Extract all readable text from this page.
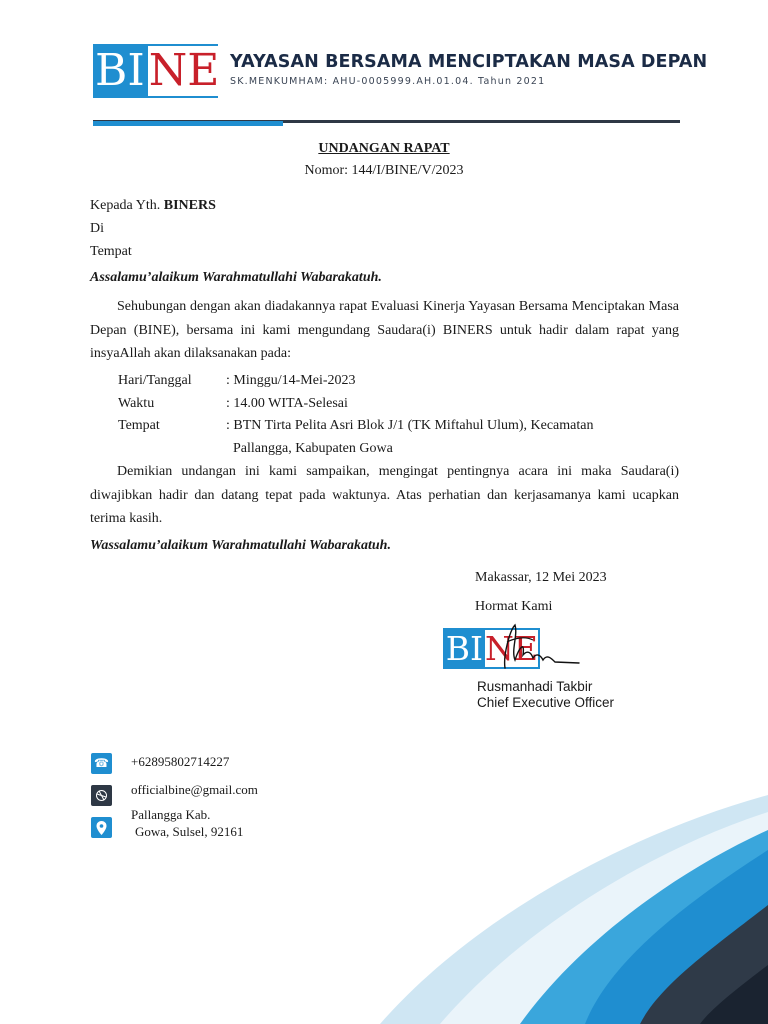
BI NE YAYASAN BERSAMA MENCIPTAKAN MASA DEPAN
SK.MENKUMHAM: AHU-0005999.AH.01.04. Tahun 2021
UNDANGAN RAPAT
Nomor: 144/I/BINE/V/2023
Kepada Yth. BINERS
Di
Tempat
Assalamu’alaikum Warahmatullahi Wabarakatuh.
Sehubungan dengan akan diadakannya rapat Evaluasi Kinerja Yayasan Bersama Menciptakan Masa Depan (BINE), bersama ini kami mengundang Saudara(i) BINERS untuk hadir dalam rapat yang insyaAllah akan dilaksanakan pada:
Hari/Tanggal : Minggu/14-Mei-2023
Waktu	: 14.00 WITA-Selesai
Tempat	: BTN Tirta Pelita Asri Blok J/1 (TK Miftahul Ulum), Kecamatan
Pallangga, Kabupaten Gowa
Demikian undangan ini kami sampaikan, mengingat pentingnya acara ini maka Saudara(i) diwajibkan hadir dan datang tepat pada waktunya. Atas perhatian dan kerjasamanya kami ucapkan terima kasih.
Wassalamu’alaikum Warahmatullahi Wabarakatuh.
Makassar, 12 Mei 2023
Hormat Kami
BI NE
Rusmanhadi Takbir
Chief Executive Officer
☎ +62895802714227
officialbine@gmail.com
Pallangga Kab.
Gowa, Sulsel, 92161
